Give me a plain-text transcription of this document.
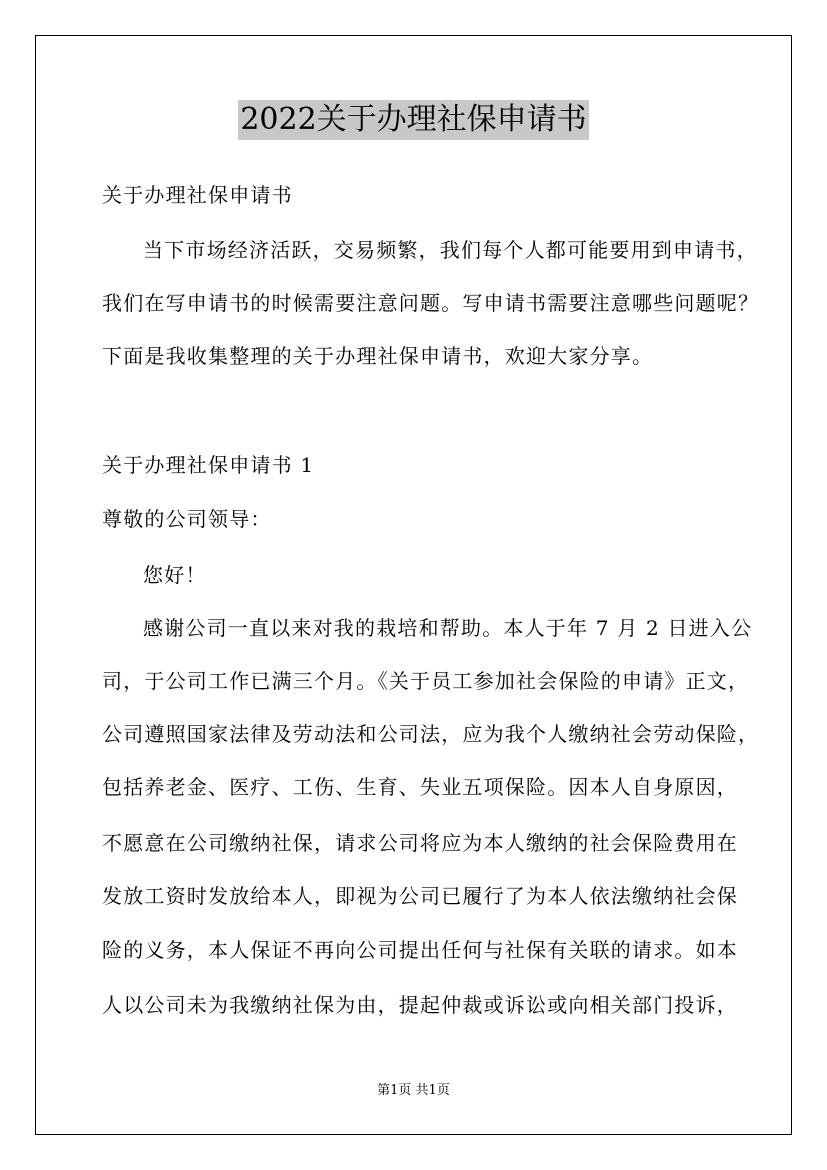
2022关于办理社保申请书
关于办理社保申请书
当下市场经济活跃，交易频繁，我们每个人都可能要用到申请书，
我们在写申请书的时候需要注意问题。写申请书需要注意哪些问题呢？
下面是我收集整理的关于办理社保申请书，欢迎大家分享。
关于办理社保申请书 1
尊敬的公司领导：
您好！
感谢公司一直以来对我的栽培和帮助。本人于年 7 月 2 日进入公
司，于公司工作已满三个月。《关于员工参加社会保险的申请》正文，
公司遵照国家法律及劳动法和公司法，应为我个人缴纳社会劳动保险，
包括养老金、医疗、工伤、生育、失业五项保险。因本人自身原因，
不愿意在公司缴纳社保，请求公司将应为本人缴纳的社会保险费用在
发放工资时发放给本人，即视为公司已履行了为本人依法缴纳社会保
险的义务，本人保证不再向公司提出任何与社保有关联的请求。如本
人以公司未为我缴纳社保为由，提起仲裁或诉讼或向相关部门投诉，
第1页 共1页
